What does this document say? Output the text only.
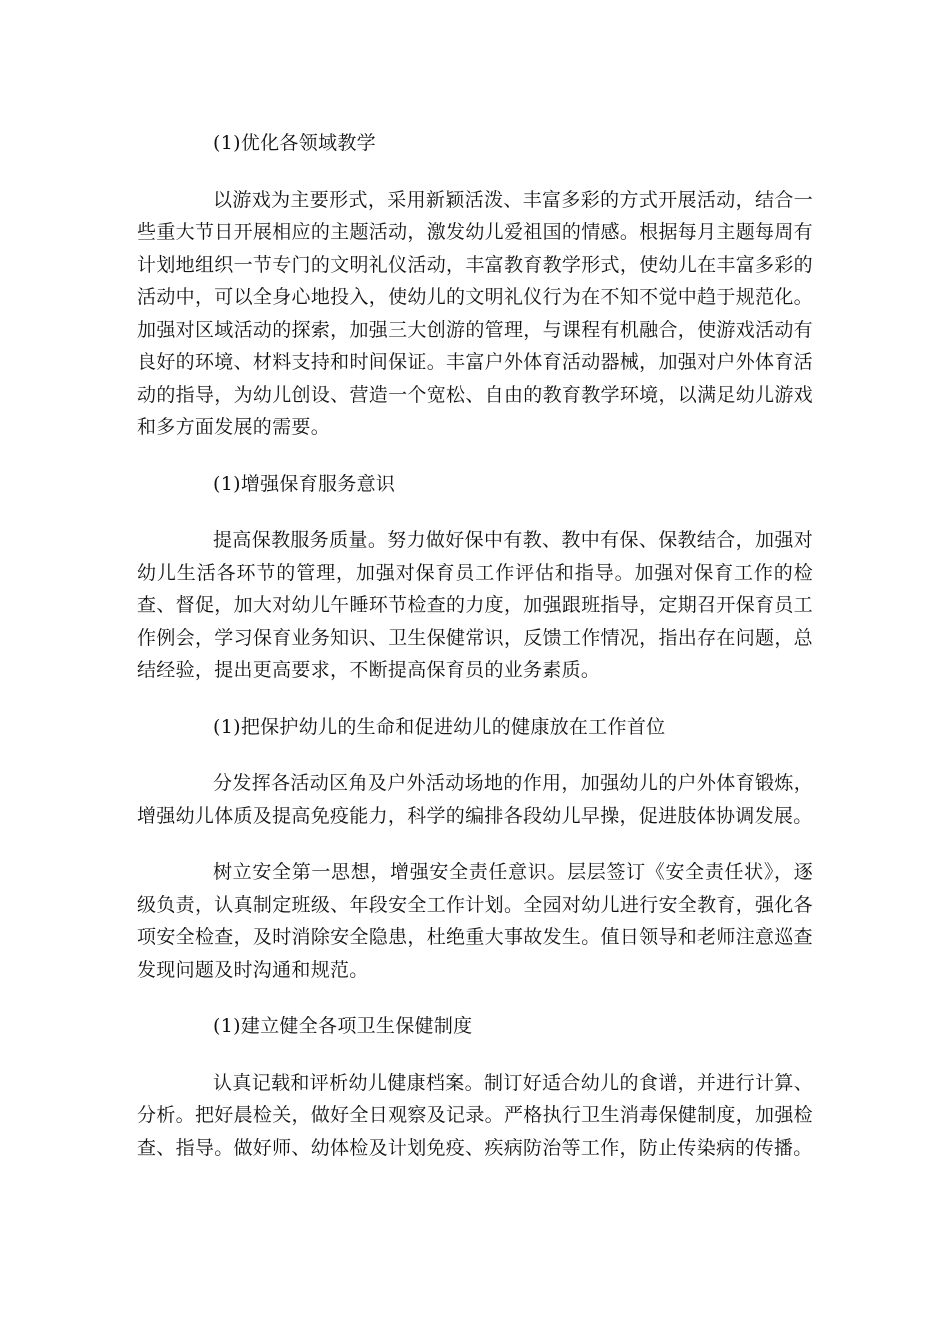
(1)优化各领域教学

以游戏为主要形式，采用新颖活泼、丰富多彩的方式开展活动，结合一些重大节日开展相应的主题活动，激发幼儿爱祖国的情感。根据每月主题每周有计划地组织一节专门的文明礼仪活动，丰富教育教学形式，使幼儿在丰富多彩的活动中，可以全身心地投入，使幼儿的文明礼仪行为在不知不觉中趋于规范化。加强对区域活动的探索，加强三大创游的管理，与课程有机融合，使游戏活动有良好的环境、材料支持和时间保证。丰富户外体育活动器械，加强对户外体育活动的指导，为幼儿创设、营造一个宽松、自由的教育教学环境，以满足幼儿游戏和多方面发展的需要。

(1)增强保育服务意识

提高保教服务质量。努力做好保中有教、教中有保、保教结合，加强对幼儿生活各环节的管理，加强对保育员工作评估和指导。加强对保育工作的检查、督促，加大对幼儿午睡环节检查的力度，加强跟班指导，定期召开保育员工作例会，学习保育业务知识、卫生保健常识，反馈工作情况，指出存在问题，总结经验，提出更高要求，不断提高保育员的业务素质。

(1)把保护幼儿的生命和促进幼儿的健康放在工作首位

分发挥各活动区角及户外活动场地的作用，加强幼儿的户外体育锻炼，增强幼儿体质及提高免疫能力，科学的编排各段幼儿早操，促进肢体协调发展。

树立安全第一思想，增强安全责任意识。层层签订《安全责任状》，逐级负责，认真制定班级、年段安全工作计划。全园对幼儿进行安全教育，强化各项安全检查，及时消除安全隐患，杜绝重大事故发生。值日领导和老师注意巡查发现问题及时沟通和规范。

(1)建立健全各项卫生保健制度

认真记载和评析幼儿健康档案。制订好适合幼儿的食谱，并进行计算、分析。把好晨检关，做好全日观察及记录。严格执行卫生消毒保健制度，加强检查、指导。做好师、幼体检及计划免疫、疾病防治等工作，防止传染病的传播。
